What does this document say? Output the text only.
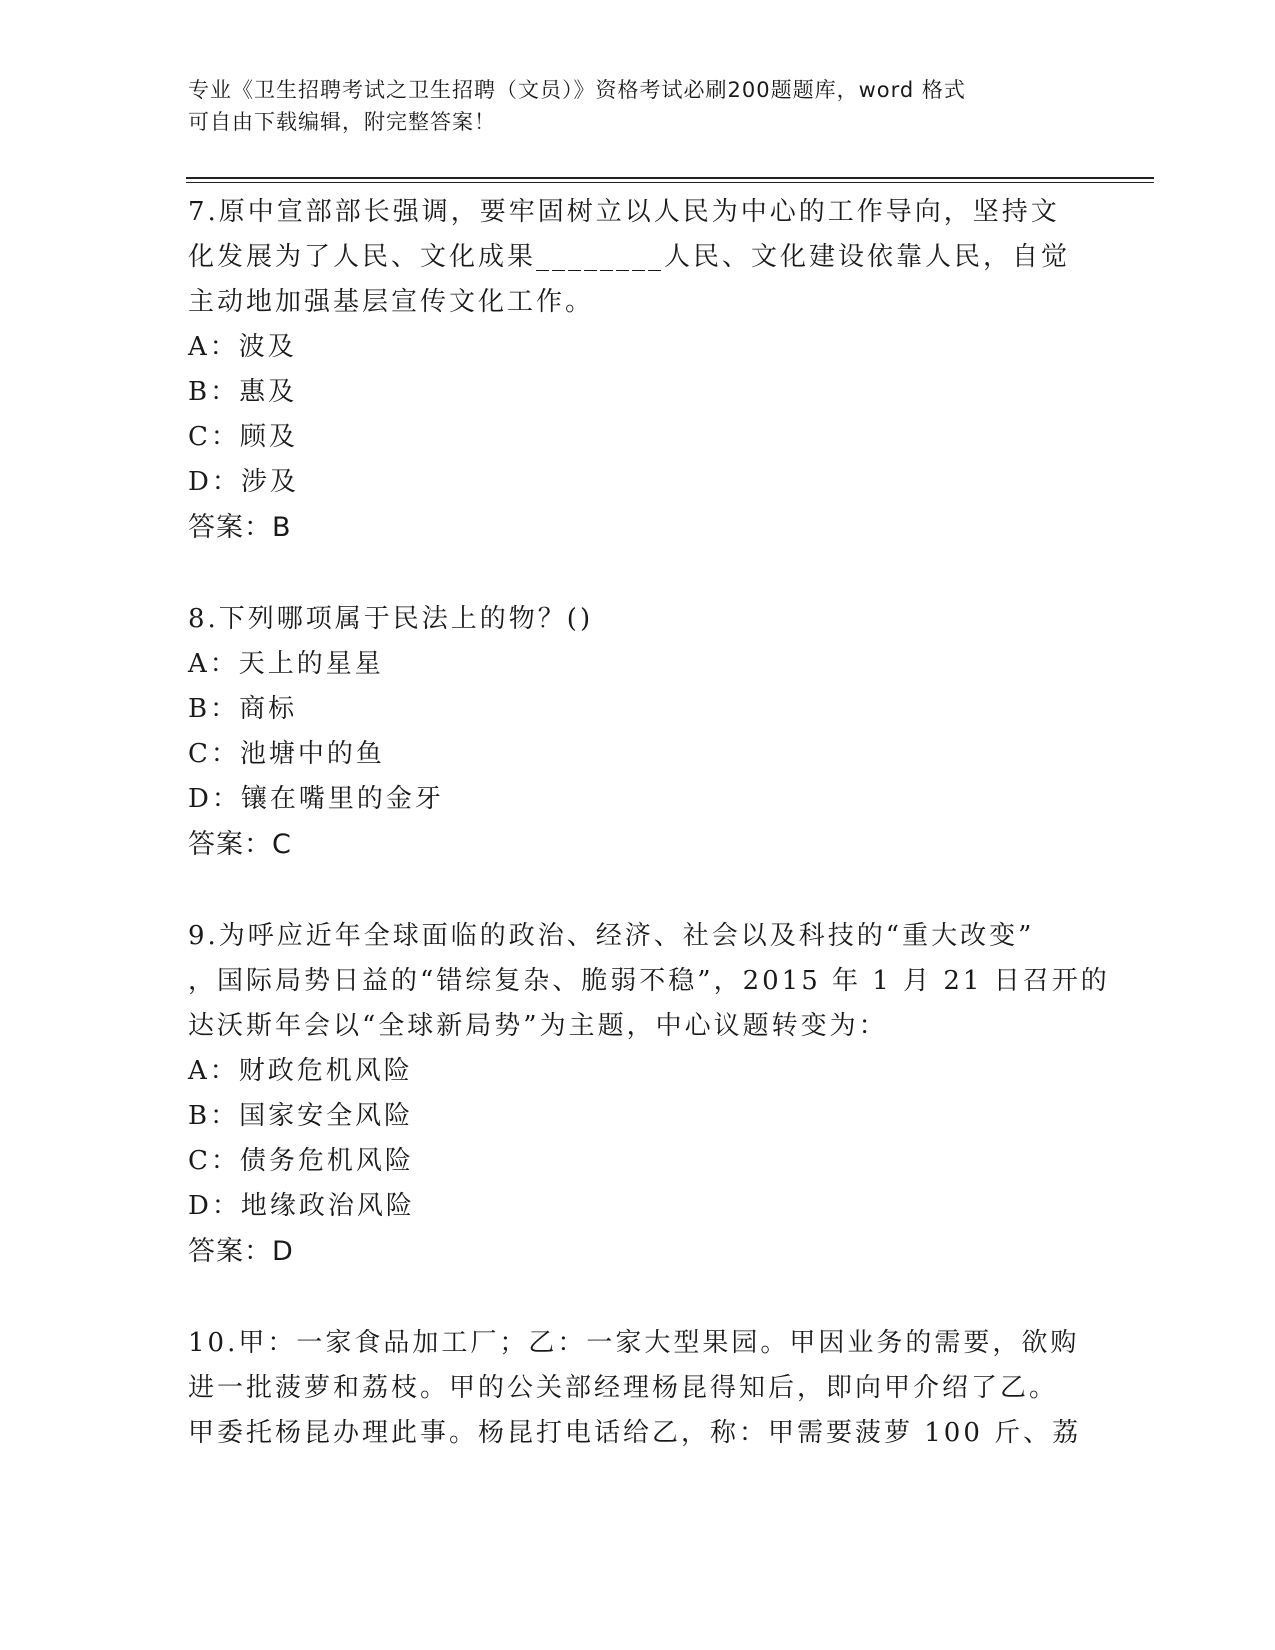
专业《卫生招聘考试之卫生招聘（文员）》资格考试必刷200题题库，word 格式
可自由下载编辑，附完整答案！
7.原中宣部部长强调，要牢固树立以人民为中心的工作导向，坚持文
化发展为了人民、文化成果________人民、文化建设依靠人民，自觉
主动地加强基层宣传文化工作。
A：波及
B：惠及
C：顾及
D：涉及
答案：B
8.下列哪项属于民法上的物？()
A：天上的星星
B：商标
C：池塘中的鱼
D：镶在嘴里的金牙
答案：C
9.为呼应近年全球面临的政治、经济、社会以及科技的“重大改变”
，国际局势日益的“错综复杂、脆弱不稳”，2015 年 1 月 21 日召开的
达沃斯年会以“全球新局势”为主题，中心议题转变为：
A：财政危机风险
B：国家安全风险
C：债务危机风险
D：地缘政治风险
答案：D
10.甲：一家食品加工厂；乙：一家大型果园。甲因业务的需要，欲购
进一批菠萝和荔枝。甲的公关部经理杨昆得知后，即向甲介绍了乙。
甲委托杨昆办理此事。杨昆打电话给乙，称：甲需要菠萝 100 斤、荔
